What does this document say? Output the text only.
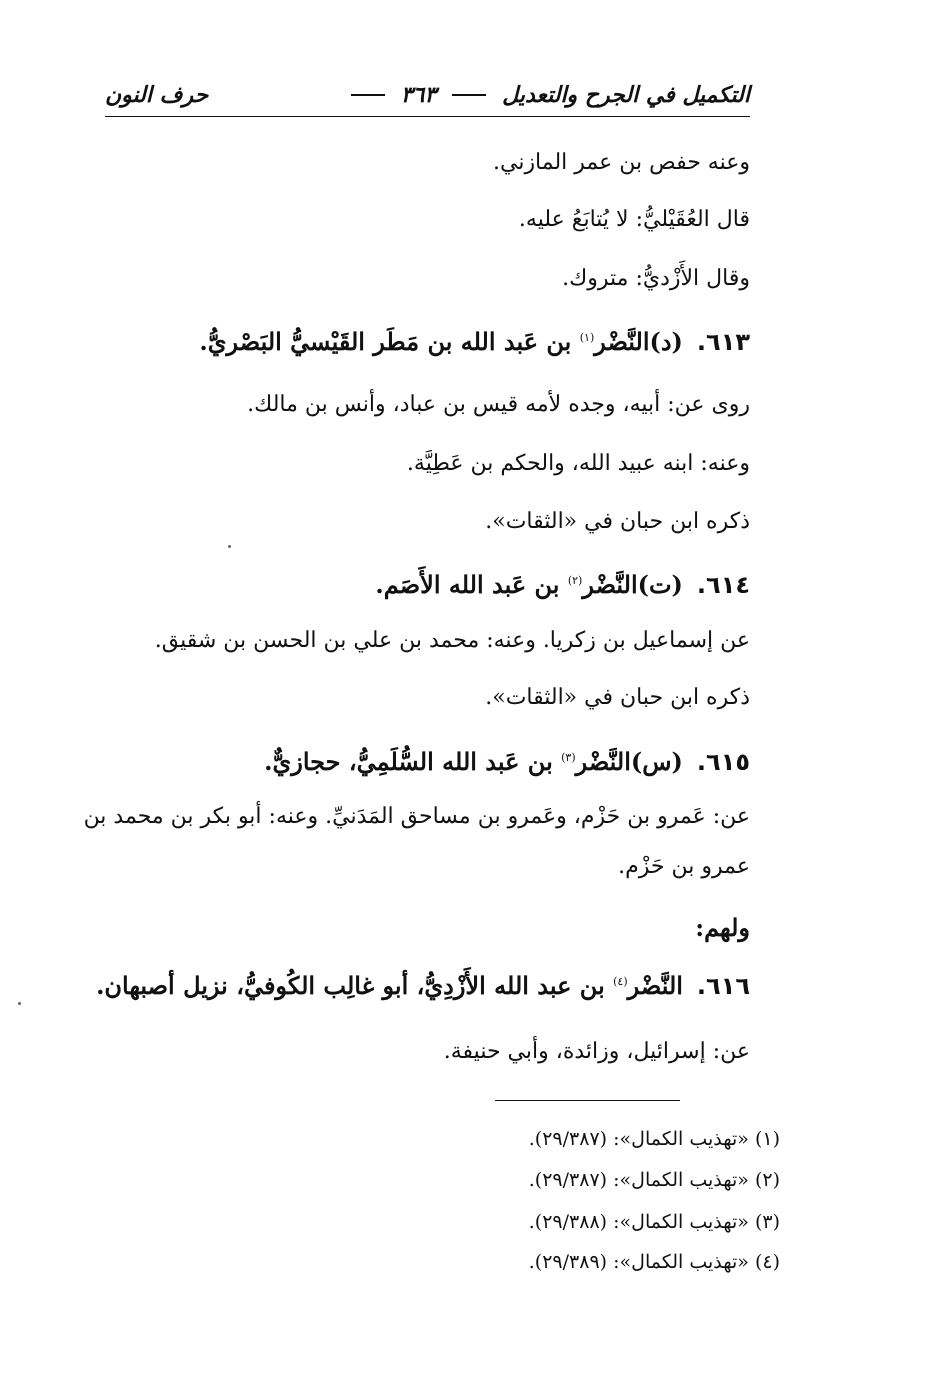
التكميل في الجرح والتعديل
٣٦٣
حرف النون
وعنه حفص بن عمر المازني.
قال العُقَيْليُّ: لا يُتابَعُ عليه.
وقال الأَزْديُّ: متروك.
٦١٣.(د)النَّضْر$^{(١)}$ بن عَبد الله بن مَطَر القَيْسيُّ البَصْريُّ.
روى عن: أبيه، وجده لأمه قيس بن عباد، وأنس بن مالك.
وعنه: ابنه عبيد الله، والحكم بن عَطِيَّة.
ذكره ابن حبان في «الثقات».
٦١٤.(ت)النَّضْر$^{(٢)}$ بن عَبد الله الأَصَم.
عن إسماعيل بن زكريا. وعنه: محمد بن علي بن الحسن بن شقيق.
ذكره ابن حبان في «الثقات».
٦١٥.(س)النَّضْر$^{(٣)}$ بن عَبد الله السُّلَمِيُّ، حجازيٌّ.
عن: عَمرو بن حَزْم، وعَمرو بن مساحق المَدَنيِّ. وعنه: أبو بكر بن محمد بن
عمرو بن حَزْم.
ولهم:
٦١٦.النَّضْر$^{(٤)}$ بن عبد الله الأَزْدِيُّ، أبو غالِب الكُوفيُّ، نزيل أصبهان.
عن: إسرائيل، وزائدة، وأبي حنيفة.
(١) «تهذيب الكمال»: (٢٩/٣٨٧).
(٢) «تهذيب الكمال»: (٢٩/٣٨٧).
(٣) «تهذيب الكمال»: (٢٩/٣٨٨).
(٤) «تهذيب الكمال»: (٢٩/٣٨٩).
